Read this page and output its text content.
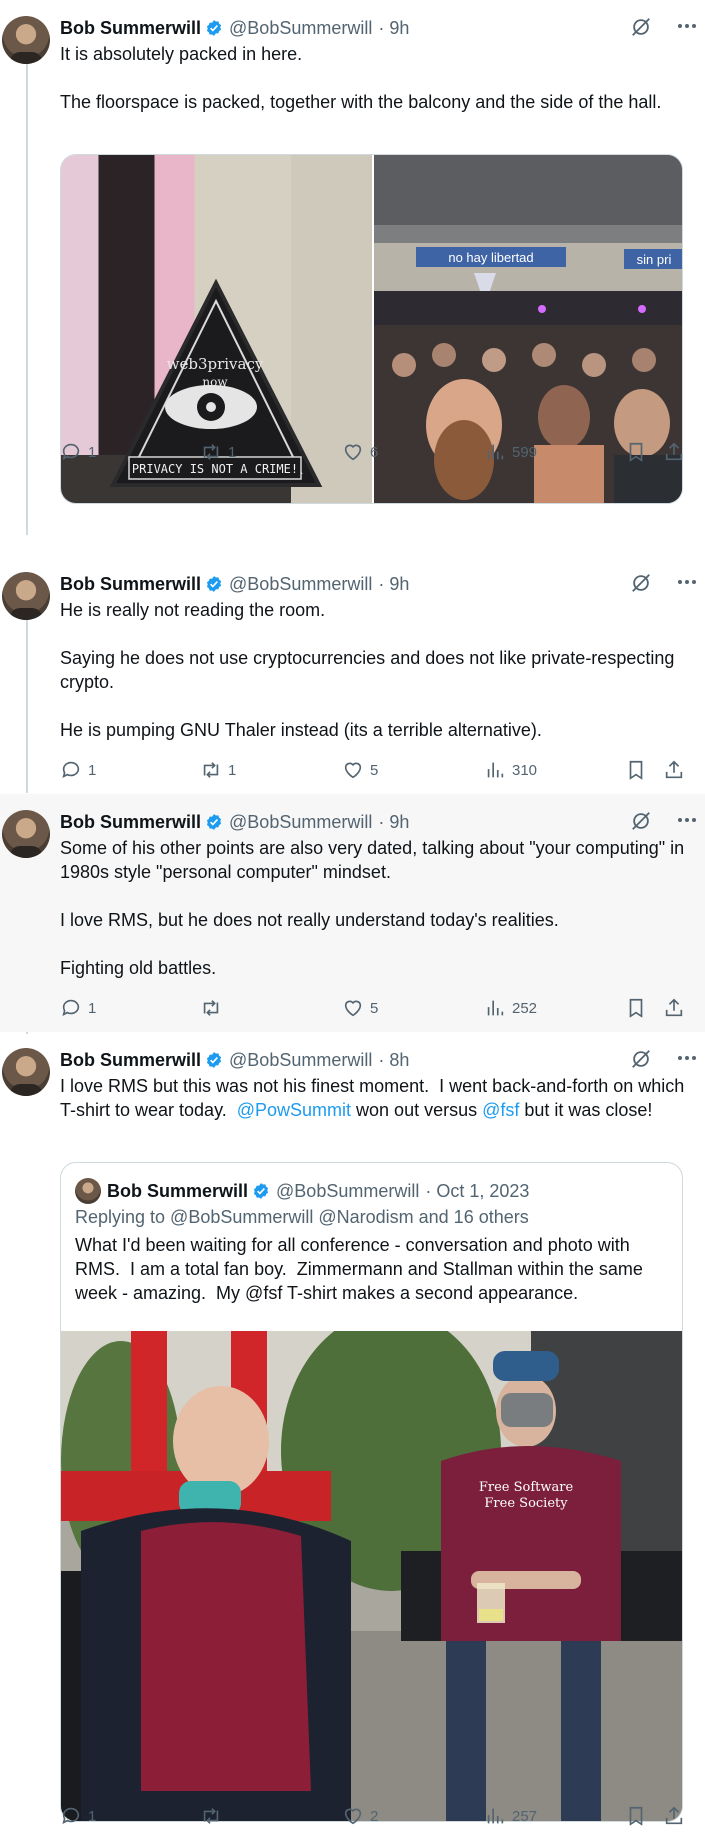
Bob Summerwill @BobSummerwill · 9h
It is absolutely packed in here.

The floorspace is packed, together with the balcony and the side of the hall.
web3privacy
now
PRIVACY IS NOT A CRIME!
no hay libertad	sin pri
1	1	6	599
Bob Summerwill @BobSummerwill · 9h
He is really not reading the room.

Saying he does not use cryptocurrencies and does not like private-respecting crypto.

He is pumping GNU Thaler instead (its a terrible alternative).
1	1	5	310
Bob Summerwill @BobSummerwill · 9h
Some of his other points are also very dated, talking about "your computing" in 1980s style "personal computer" mindset.

I love RMS, but he does not really understand today's realities.

Fighting old battles.
1	5	252
Bob Summerwill @BobSummerwill · 8h
I love RMS but this was not his finest moment.  I went back-and-forth on which T-shirt to wear today.  @PowSummit won out versus @fsf but it was close!
Bob Summerwill @BobSummerwill · Oct 1, 2023
Replying to @BobSummerwill @Narodism and 16 others
What I'd been waiting for all conference - conversation and photo with RMS.  I am a total fan boy.  Zimmermann and Stallman within the same week - amazing.  My @fsf T-shirt makes a second appearance.
Free Software
Free Society
1	2	257
